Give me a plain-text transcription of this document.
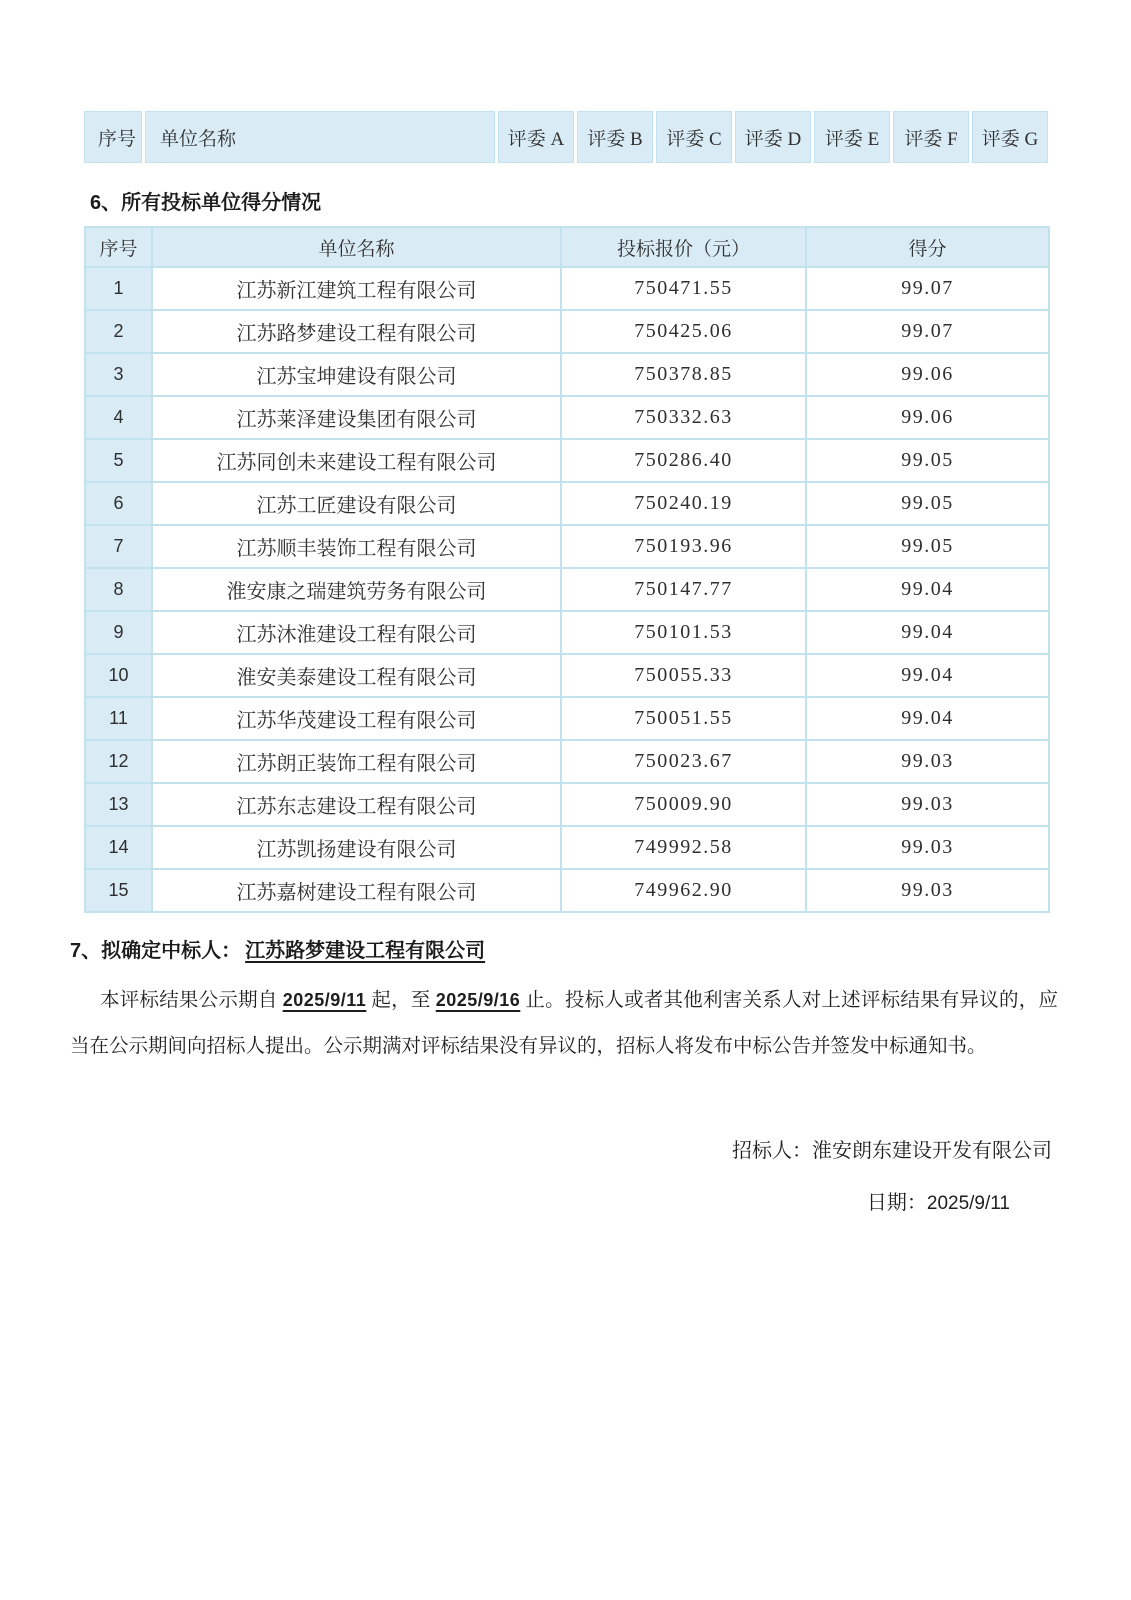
序号	单位名称	评委 A	评委 B	评委 C	评委 D	评委 E	评委 F	评委 G
6、所有投标单位得分情况
序号	单位名称	投标报价（元）	得分
1	江苏新江建筑工程有限公司	750471.55	99.07
2	江苏路梦建设工程有限公司	750425.06	99.07
3	江苏宝坤建设有限公司	750378.85	99.06
4	江苏莱泽建设集团有限公司	750332.63	99.06
5	江苏同创未来建设工程有限公司	750286.40	99.05
6	江苏工匠建设有限公司	750240.19	99.05
7	江苏顺丰装饰工程有限公司	750193.96	99.05
8	淮安康之瑞建筑劳务有限公司	750147.77	99.04
9	江苏沐淮建设工程有限公司	750101.53	99.04
10	淮安美泰建设工程有限公司	750055.33	99.04
11	江苏华茂建设工程有限公司	750051.55	99.04
12	江苏朗正装饰工程有限公司	750023.67	99.03
13	江苏东志建设工程有限公司	750009.90	99.03
14	江苏凯扬建设有限公司	749992.58	99.03
15	江苏嘉树建设工程有限公司	749962.90	99.03
7、拟确定中标人： 江苏路梦建设工程有限公司
本评标结果公示期自 2025/9/11 起，至 2025/9/16 止。投标人或者其他利害关系人对上述评标结果有异议的，应当在公示期间向招标人提出。公示期满对评标结果没有异议的，招标人将发布中标公告并签发中标通知书。
招标人：淮安朗东建设开发有限公司
日期：2025/9/11
